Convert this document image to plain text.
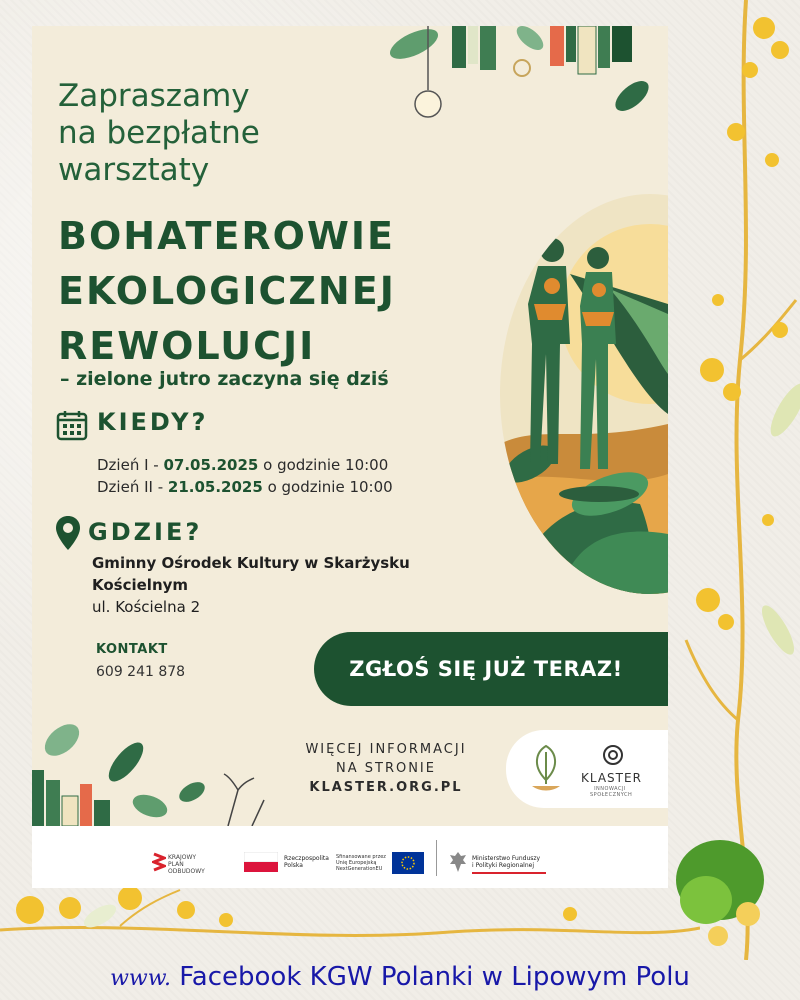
Zapraszamy
na bezpłatne
warsztaty
BOHATEROWIE
EKOLOGICZNEJ
REWOLUCJI
– zielone jutro zaczyna się dziś
KIEDY?
Dzień I - 07.05.2025 o godzinie 10:00
Dzień II - 21.05.2025 o godzinie 10:00
GDZIE?
Gminny Ośrodek Kultury w Skarżysku
Kościelnym
ul. Kościelna 2
KONTAKT
609 241 878	ZGŁOŚ SIĘ JUŻ TERAZ!
WIĘCEJ INFORMACJI
NA STRONIE
KLASTER.ORG.PL
KLASTER
INNOWACJI
SPOŁECZNYCH
KRAJOWY
PLAN
ODBUDOWY
Rzeczpospolita
Polska
Sfinansowane przez
Unię Europejską
NextGenerationEU
Ministerstwo Funduszy
i Polityki Regionalnej
www. Facebook KGW Polanki w Lipowym Polu
